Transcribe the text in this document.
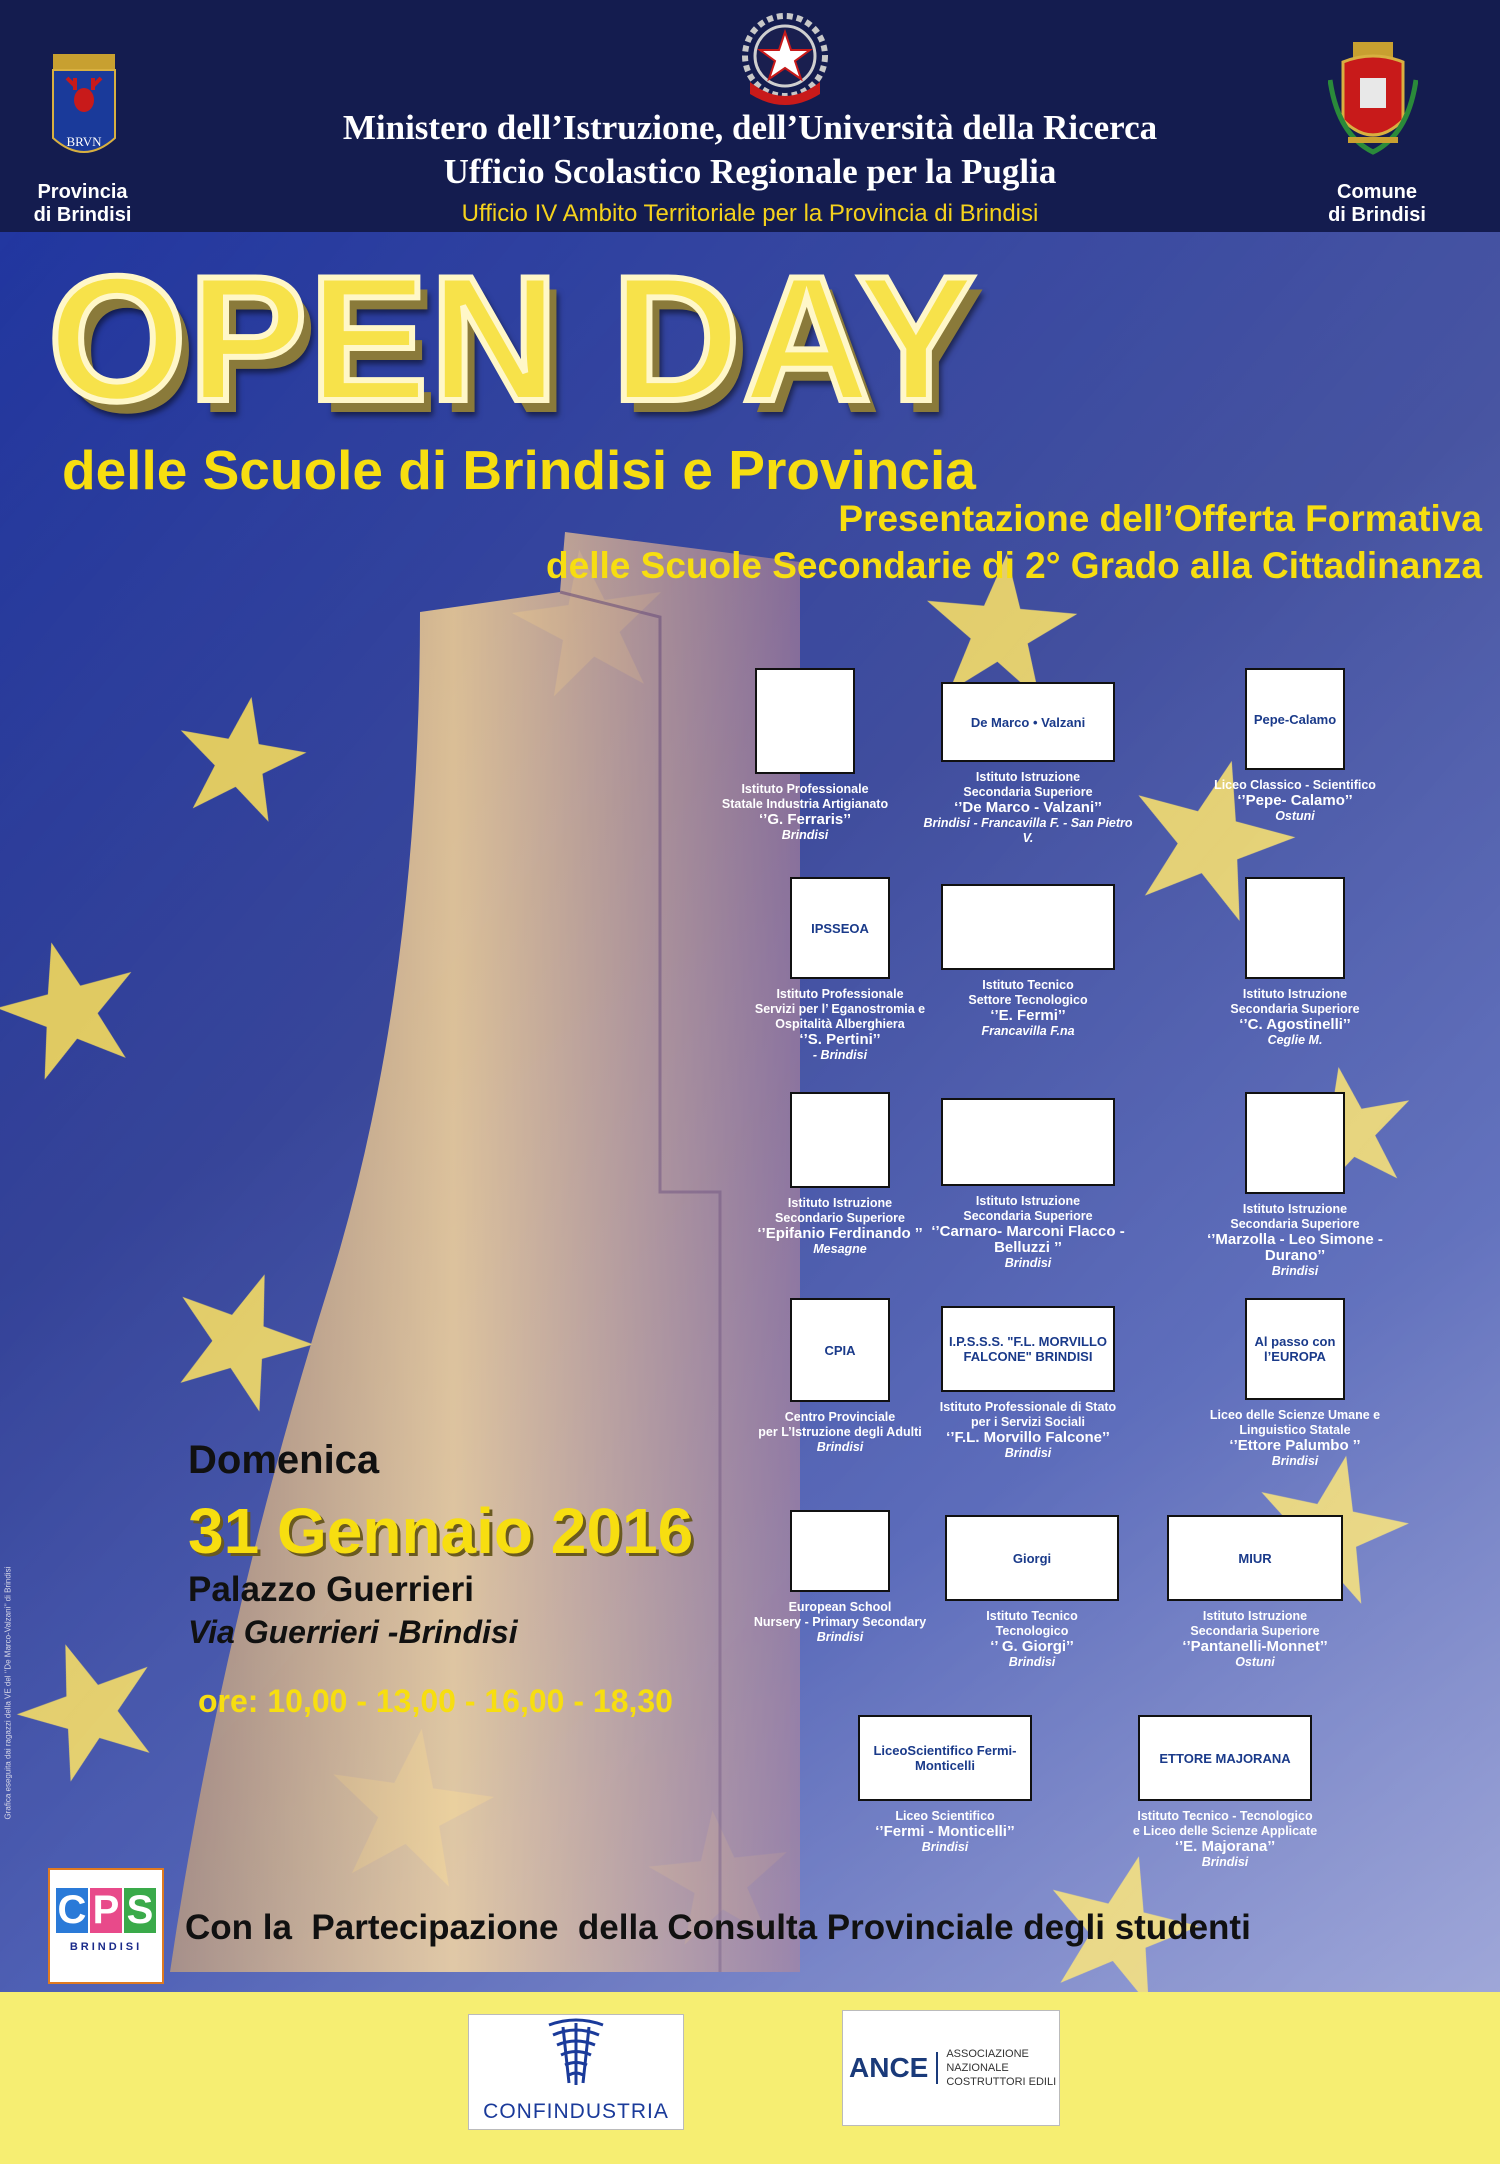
BRVN
Provincia
di Brindisi
Ministero dell’Istruzione, dell’Università della Ricerca
Ufficio Scolastico Regionale per la Puglia
Ufficio IV Ambito Territoriale per la Provincia di Brindisi
Comune
di Brindisi
OPEN DAY
delle Scuole di Brindisi e Provincia
Presentazione dell’Offerta Formativa
delle Scuole Secondarie di 2° Grado alla Cittadinanza
Istituto Professionale
Statale Industria Artigianato
‘’G. Ferraris’’
Brindisi
De Marco • Valzani
Istituto Istruzione
Secondaria Superiore
‘’De Marco - Valzani’’
Brindisi - Francavilla F. - San Pietro V.
Pepe-Calamo
Liceo Classico - Scientifico
‘’Pepe- Calamo’’
Ostuni
IPSSEOA
Istituto Professionale
Servizi per l’ Eganostromia e Ospitalità Alberghiera
‘’S. Pertini’’
- Brindisi
Istituto Tecnico
Settore Tecnologico
‘’E. Fermi’’
Francavilla F.na
Istituto Istruzione
Secondaria Superiore
‘’C. Agostinelli’’
Ceglie M.
Istituto Istruzione
Secondario Superiore
‘’Epifanio Ferdinando ’’
Mesagne
Istituto Istruzione
Secondaria Superiore
‘’Carnaro- Marconi Flacco - Belluzzi ’’
Brindisi
Istituto Istruzione
Secondaria Superiore
‘’Marzolla - Leo Simone - Durano’’
Brindisi
CPIA
Centro Provinciale
per L’Istruzione degli Adulti
Brindisi
I.P.S.S.S. "F.L. MORVILLO FALCONE" BRINDISI
Istituto Professionale di Stato
per i Servizi Sociali
‘’F.L. Morvillo Falcone’’
Brindisi
Al passo con l’EUROPA
Liceo delle Scienze Umane e
Linguistico Statale
‘’Ettore Palumbo ’’
Brindisi
European School
Nursery - Primary Secondary
Brindisi
Giorgi
Istituto Tecnico
Tecnologico
‘’ G. Giorgi’’
Brindisi
MIUR
Istituto Istruzione
Secondaria Superiore
‘’Pantanelli-Monnet’’
Ostuni
LiceoScientifico Fermi-Monticelli
Liceo Scientifico
‘’Fermi - Monticelli’’
Brindisi
ETTORE MAJORANA
Istituto Tecnico - Tecnologico
e Liceo delle Scienze Applicate
‘’E. Majorana’’
Brindisi
Grafica eseguita dai ragazzi della VE del ‘’De Marco-Valzani’’ di Brindisi
Domenica
31 Gennaio 2016
Palazzo Guerrieri
Via Guerrieri -Brindisi
ore: 10,00 - 13,00 - 16,00 - 18,30
C P S
BRINDISI	Con la  Partecipazione  della Consulta Provinciale degli studenti
CONFINDUSTRIA
ANCE	ASSOCIAZIONE NAZIONALE
COSTRUTTORI EDILI
